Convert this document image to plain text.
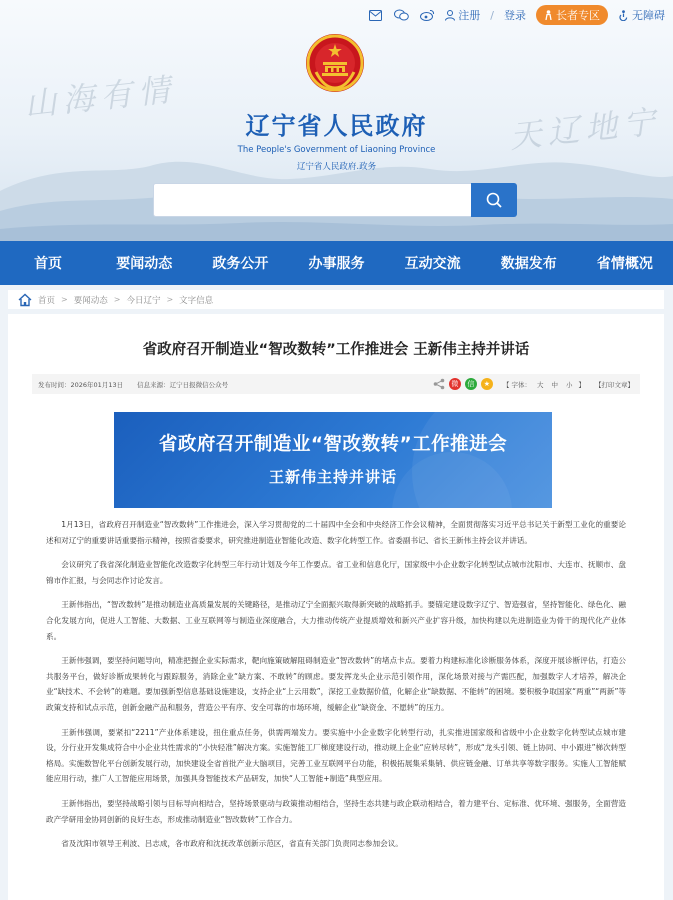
山海有情
天辽地宁
注册 / 登录	长者专区	无障碍
辽宁省人民政府
The People's Government of Liaoning Province
辽宁省人民政府.政务
首页	要闻动态	政务公开	办事服务	互动交流	数据发布	省情概况
首页 > 要闻动态 > 今日辽宁 > 文字信息
省政府召开制造业“智改数转”工作推进会 王新伟主持并讲话
发布时间：2026年01月13日 信息来源：辽宁日报微信公众号	微	信	★	【 字体： 大 中 小 】 【打印文章】
省政府召开制造业“智改数转”工作推进会
王新伟主持并讲话

1月13日，省政府召开制造业“智改数转”工作推进会，深入学习贯彻党的二十届四中全会和中央经济工作会议精神，全面贯彻落实习近平总书记关于新型工业化的重要论述和对辽宁的重要讲话重要指示精神，按照省委要求，研究推进制造业智能化改造、数字化转型工作。省委副书记、省长王新伟主持会议并讲话。

会议研究了我省深化制造业智能化改造数字化转型三年行动计划及今年工作要点。省工业和信息化厅，国家级中小企业数字化转型试点城市沈阳市、大连市、抚顺市、盘锦市作汇报，与会同志作讨论发言。

王新伟指出，“智改数转”是推动制造业高质量发展的关键路径，是推动辽宁全面振兴取得新突破的战略抓手。要锚定建设数字辽宁、智造强省，坚持智能化、绿色化、融合化发展方向，促进人工智能、大数据、工业互联网等与制造业深度融合，大力推动传统产业提质增效和新兴产业扩容升级，加快构建以先进制造业为骨干的现代化产业体系。

王新伟强调，要坚持问题导向，精准把握企业实际需求，靶向施策破解阻碍制造业“智改数转”的堵点卡点。要着力构建标准化诊断服务体系，深度开展诊断评估，打造公共服务平台，做好诊断成果转化与跟踪服务，消除企业“缺方案、不敢转”的顾虑。要发挥龙头企业示范引领作用，深化场景对接与产需匹配，加强数字人才培养，解决企业“缺技术、不会转”的难题。要加强新型信息基础设施建设，支持企业“上云用数”，深挖工业数据价值，化解企业“缺数据、不能转”的困境。要积极争取国家“两重”“两新”等政策支持和试点示范，创新金融产品和服务，营造公平有序、安全可靠的市场环境，缓解企业“缺资金、不愿转”的压力。

王新伟强调，要紧扣“2211”产业体系建设，扭住重点任务，供需两端发力。要实施中小企业数字化转型行动，扎实推进国家级和省级中小企业数字化转型试点城市建设，分行业开发集成符合中小企业共性需求的“小快轻准”解决方案。实施智能工厂梯度建设行动，推动规上企业“应转尽转”，形成“龙头引领、链上协同、中小跟进”梯次转型格局。实施数智化平台创新发展行动，加快建设全省首批产业大脑项目，完善工业互联网平台功能，积极拓展集采集销、供应链金融、订单共享等数字服务。实施人工智能赋能应用行动，推广人工智能应用场景，加强具身智能技术产品研发，加快“人工智能+制造”典型应用。

王新伟指出，要坚持战略引领与目标导向相结合，坚持场景驱动与政策推动相结合，坚持生态共建与政企联动相结合，着力建平台、定标准、优环境、强服务，全面营造政产学研用金协同创新的良好生态，形成推动制造业“智改数转”工作合力。

省及沈阳市领导王利波、吕志成，各市政府和沈抚改革创新示范区，省直有关部门负责同志参加会议。
